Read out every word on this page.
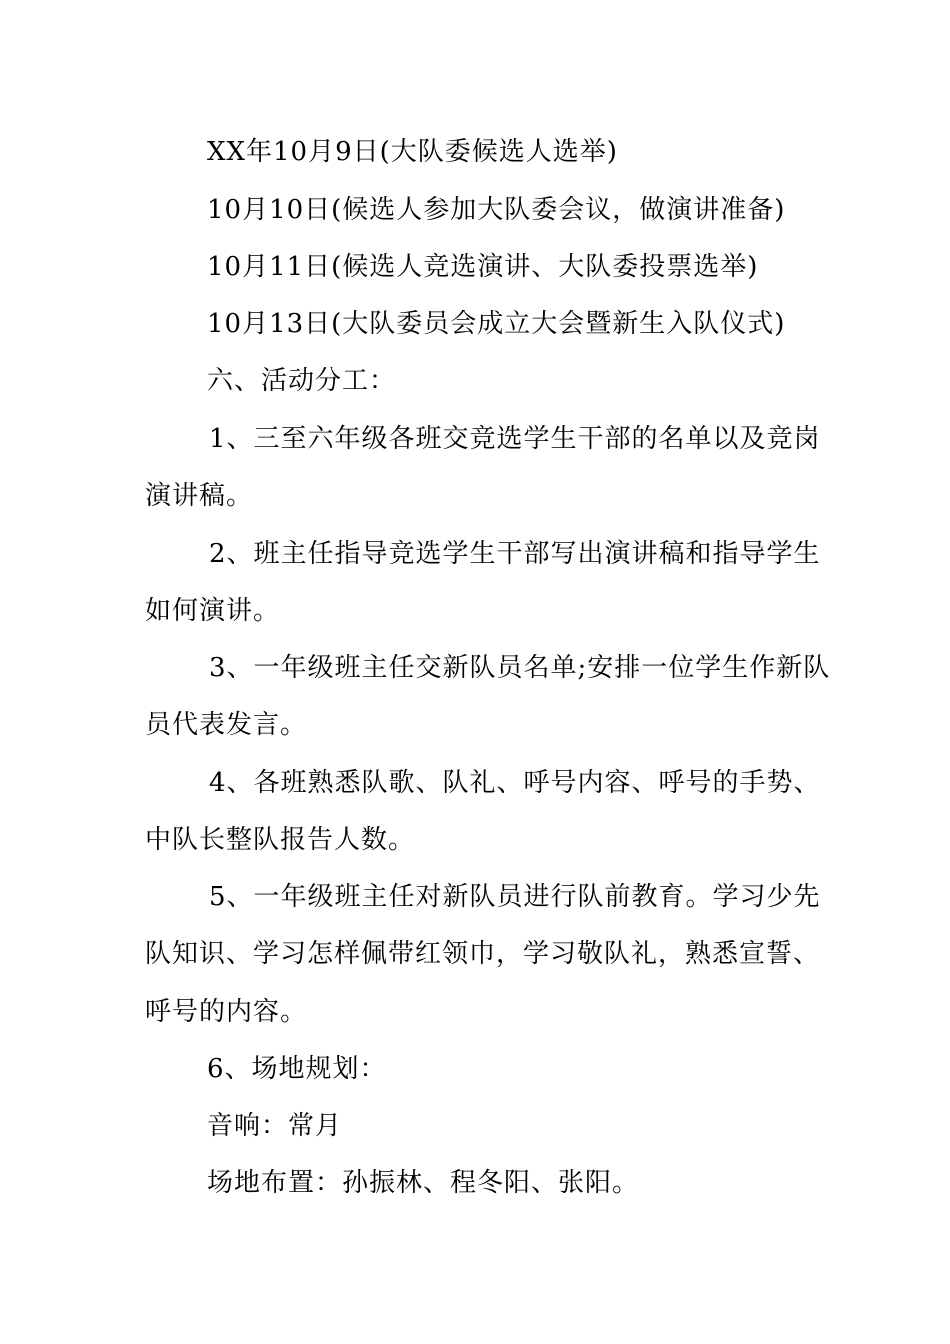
XX年10月9日(大队委候选人选举)
10月10日(候选人参加大队委会议，做演讲准备)
10月11日(候选人竞选演讲、大队委投票选举)
10月13日(大队委员会成立大会暨新生入队仪式)
六、活动分工：
1、三至六年级各班交竞选学生干部的名单以及竞岗
演讲稿。
2、班主任指导竞选学生干部写出演讲稿和指导学生
如何演讲。
3、一年级班主任交新队员名单;安排一位学生作新队
员代表发言。
4、各班熟悉队歌、队礼、呼号内容、呼号的手势、
中队长整队报告人数。
5、一年级班主任对新队员进行队前教育。学习少先
队知识、学习怎样佩带红领巾，学习敬队礼，熟悉宣誓、
呼号的内容。
6、场地规划：
音响：常月
场地布置：孙振林、程冬阳、张阳。
